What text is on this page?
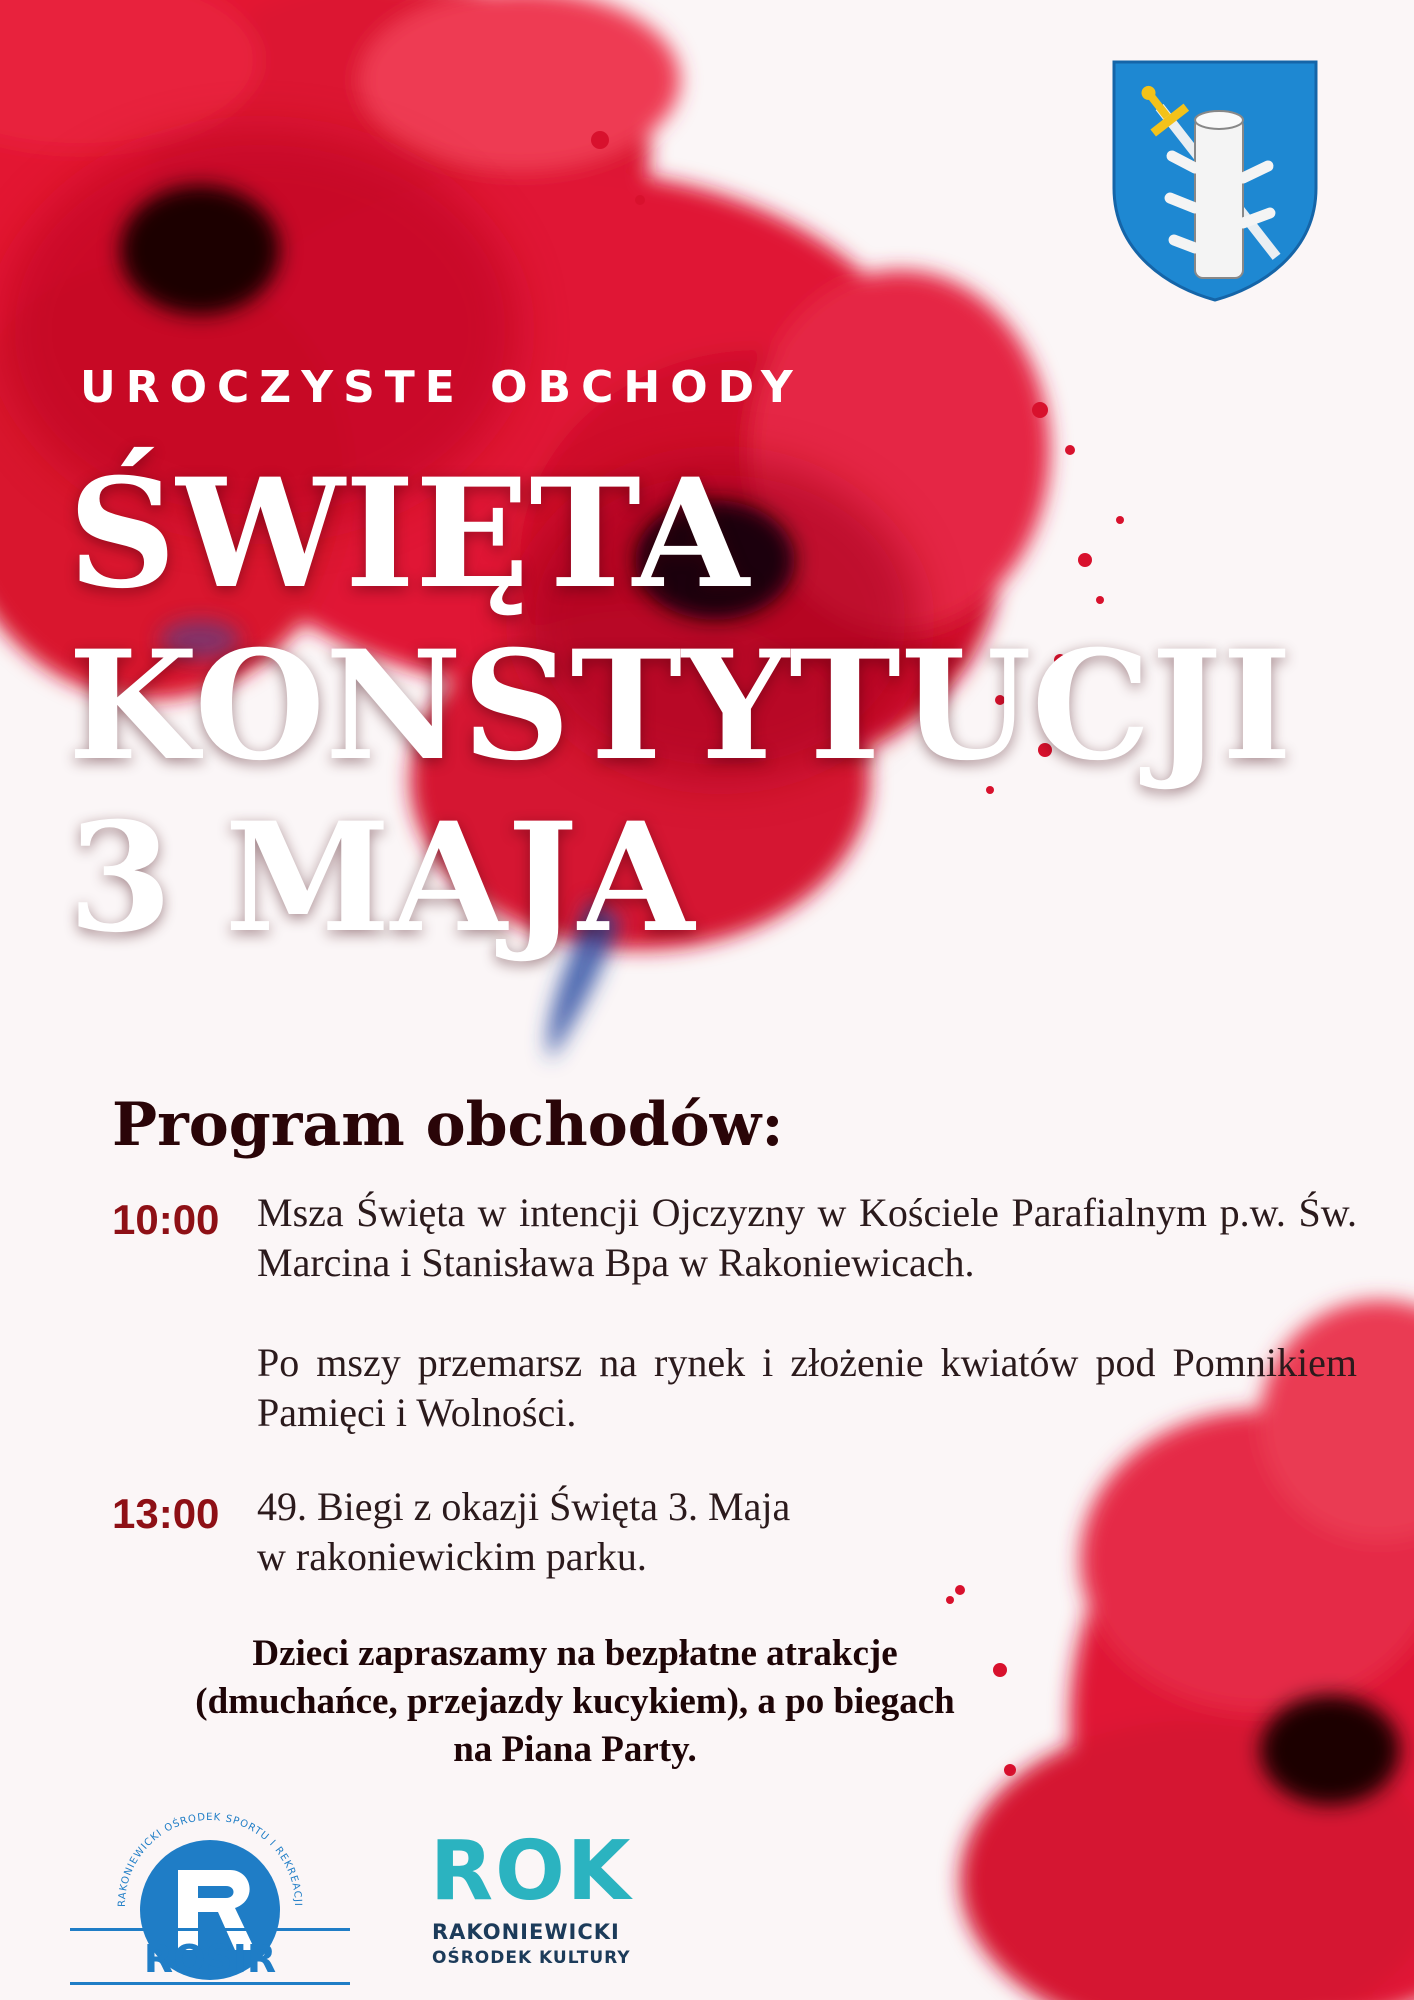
UROCZYSTE OBCHODY
ŚWIĘTA
KONSTYTUCJI
3 MAJA
Program obchodów:
10:00 Msza Święta w intencji Ojczyzny w Kościele Parafialnym p.w. Św. Marcina i Stanisława Bpa w Rakoniewicach.

Po mszy przemarsz na rynek i złożenie kwiatów pod Pomnikiem Pamięci i Wolności.

13:00 49. Biegi z okazji Święta 3. Maja

w rakoniewickim parku.

Dzieci zapraszamy na bezpłatne atrakcje

(dmuchańce, przejazdy kucykiem), a po biegach

na Piana Party.

RAKONIEWICKI OŚRODEK SPORTU I REKREACJI
ROSIR
ROK
RAKONIEWICKI
OŚRODEK KULTURY
